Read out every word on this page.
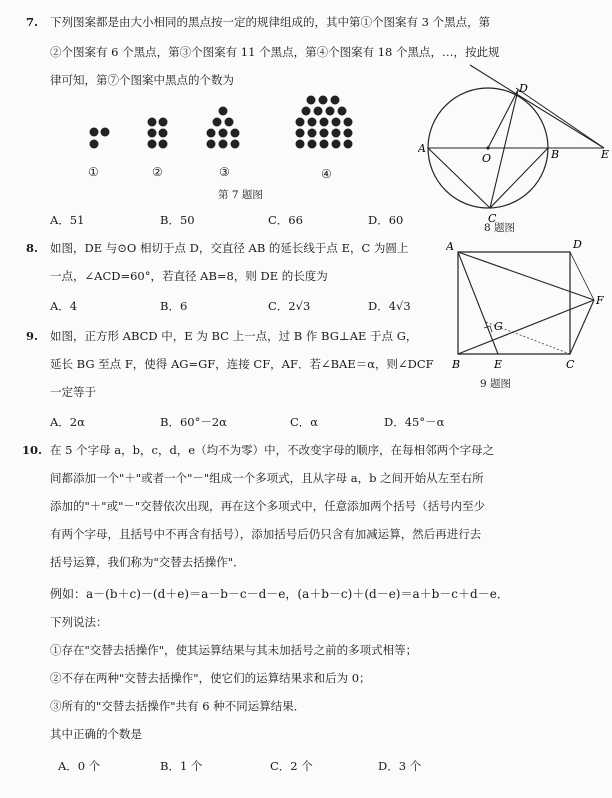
7. 下列图案都是由大小相同的黑点按一定的规律组成的，其中第①个图案有 3 个黑点，第
②个图案有 6 个黑点，第③个图案有 11 个黑点，第④个图案有 18 个黑点，…，按此规
律可知，第⑦个图案中黑点的个数为
①	②	③	④
第 7 题图
A．51	B．50	C．66	D．60
A
O	B	E
D
C
8 题图
8. 如图，DE 与⊙O 相切于点 D，交直径 AB 的延长线于点 E，C 为圆上
一点，∠ACD=60°，若直径 AB=8，则 DE 的长度为
A．4	B．6	C．2√3	D．4√3
A	D
F
G
B	E	C
9 题图
9. 如图，正方形 ABCD 中，E 为 BC 上一点，过 B 作 BG⊥AE 于点 G，
延长 BG 至点 F，使得 AG=GF，连接 CF，AF．若∠BAE＝α，则∠DCF
一定等于
A．2α	B．60°－2α	C．α	D．45°－α
10. 在 5 个字母 a，b，c，d，e（均不为零）中，不改变字母的顺序，在每相邻两个字母之
间都添加一个"＋"或者一个"－"组成一个多项式，且从字母 a，b 之间开始从左至右所
添加的"＋"或"－"交替依次出现，再在这个多项式中，任意添加两个括号（括号内至少
有两个字母，且括号中不再含有括号），添加括号后仍只含有加减运算，然后再进行去
括号运算，我们称为"交替去括操作"．
例如：a－(b＋c)－(d＋e)＝a－b－c－d－e，(a＋b－c)＋(d－e)＝a＋b－c＋d－e．
下列说法：
①存在"交替去括操作"，使其运算结果与其未加括号之前的多项式相等；
②不存在两种"交替去括操作"，使它们的运算结果求和后为 0；
③所有的"交替去括操作"共有 6 种不同运算结果．
其中正确的个数是
A．0 个	B．1 个	C．2 个	D．3 个
